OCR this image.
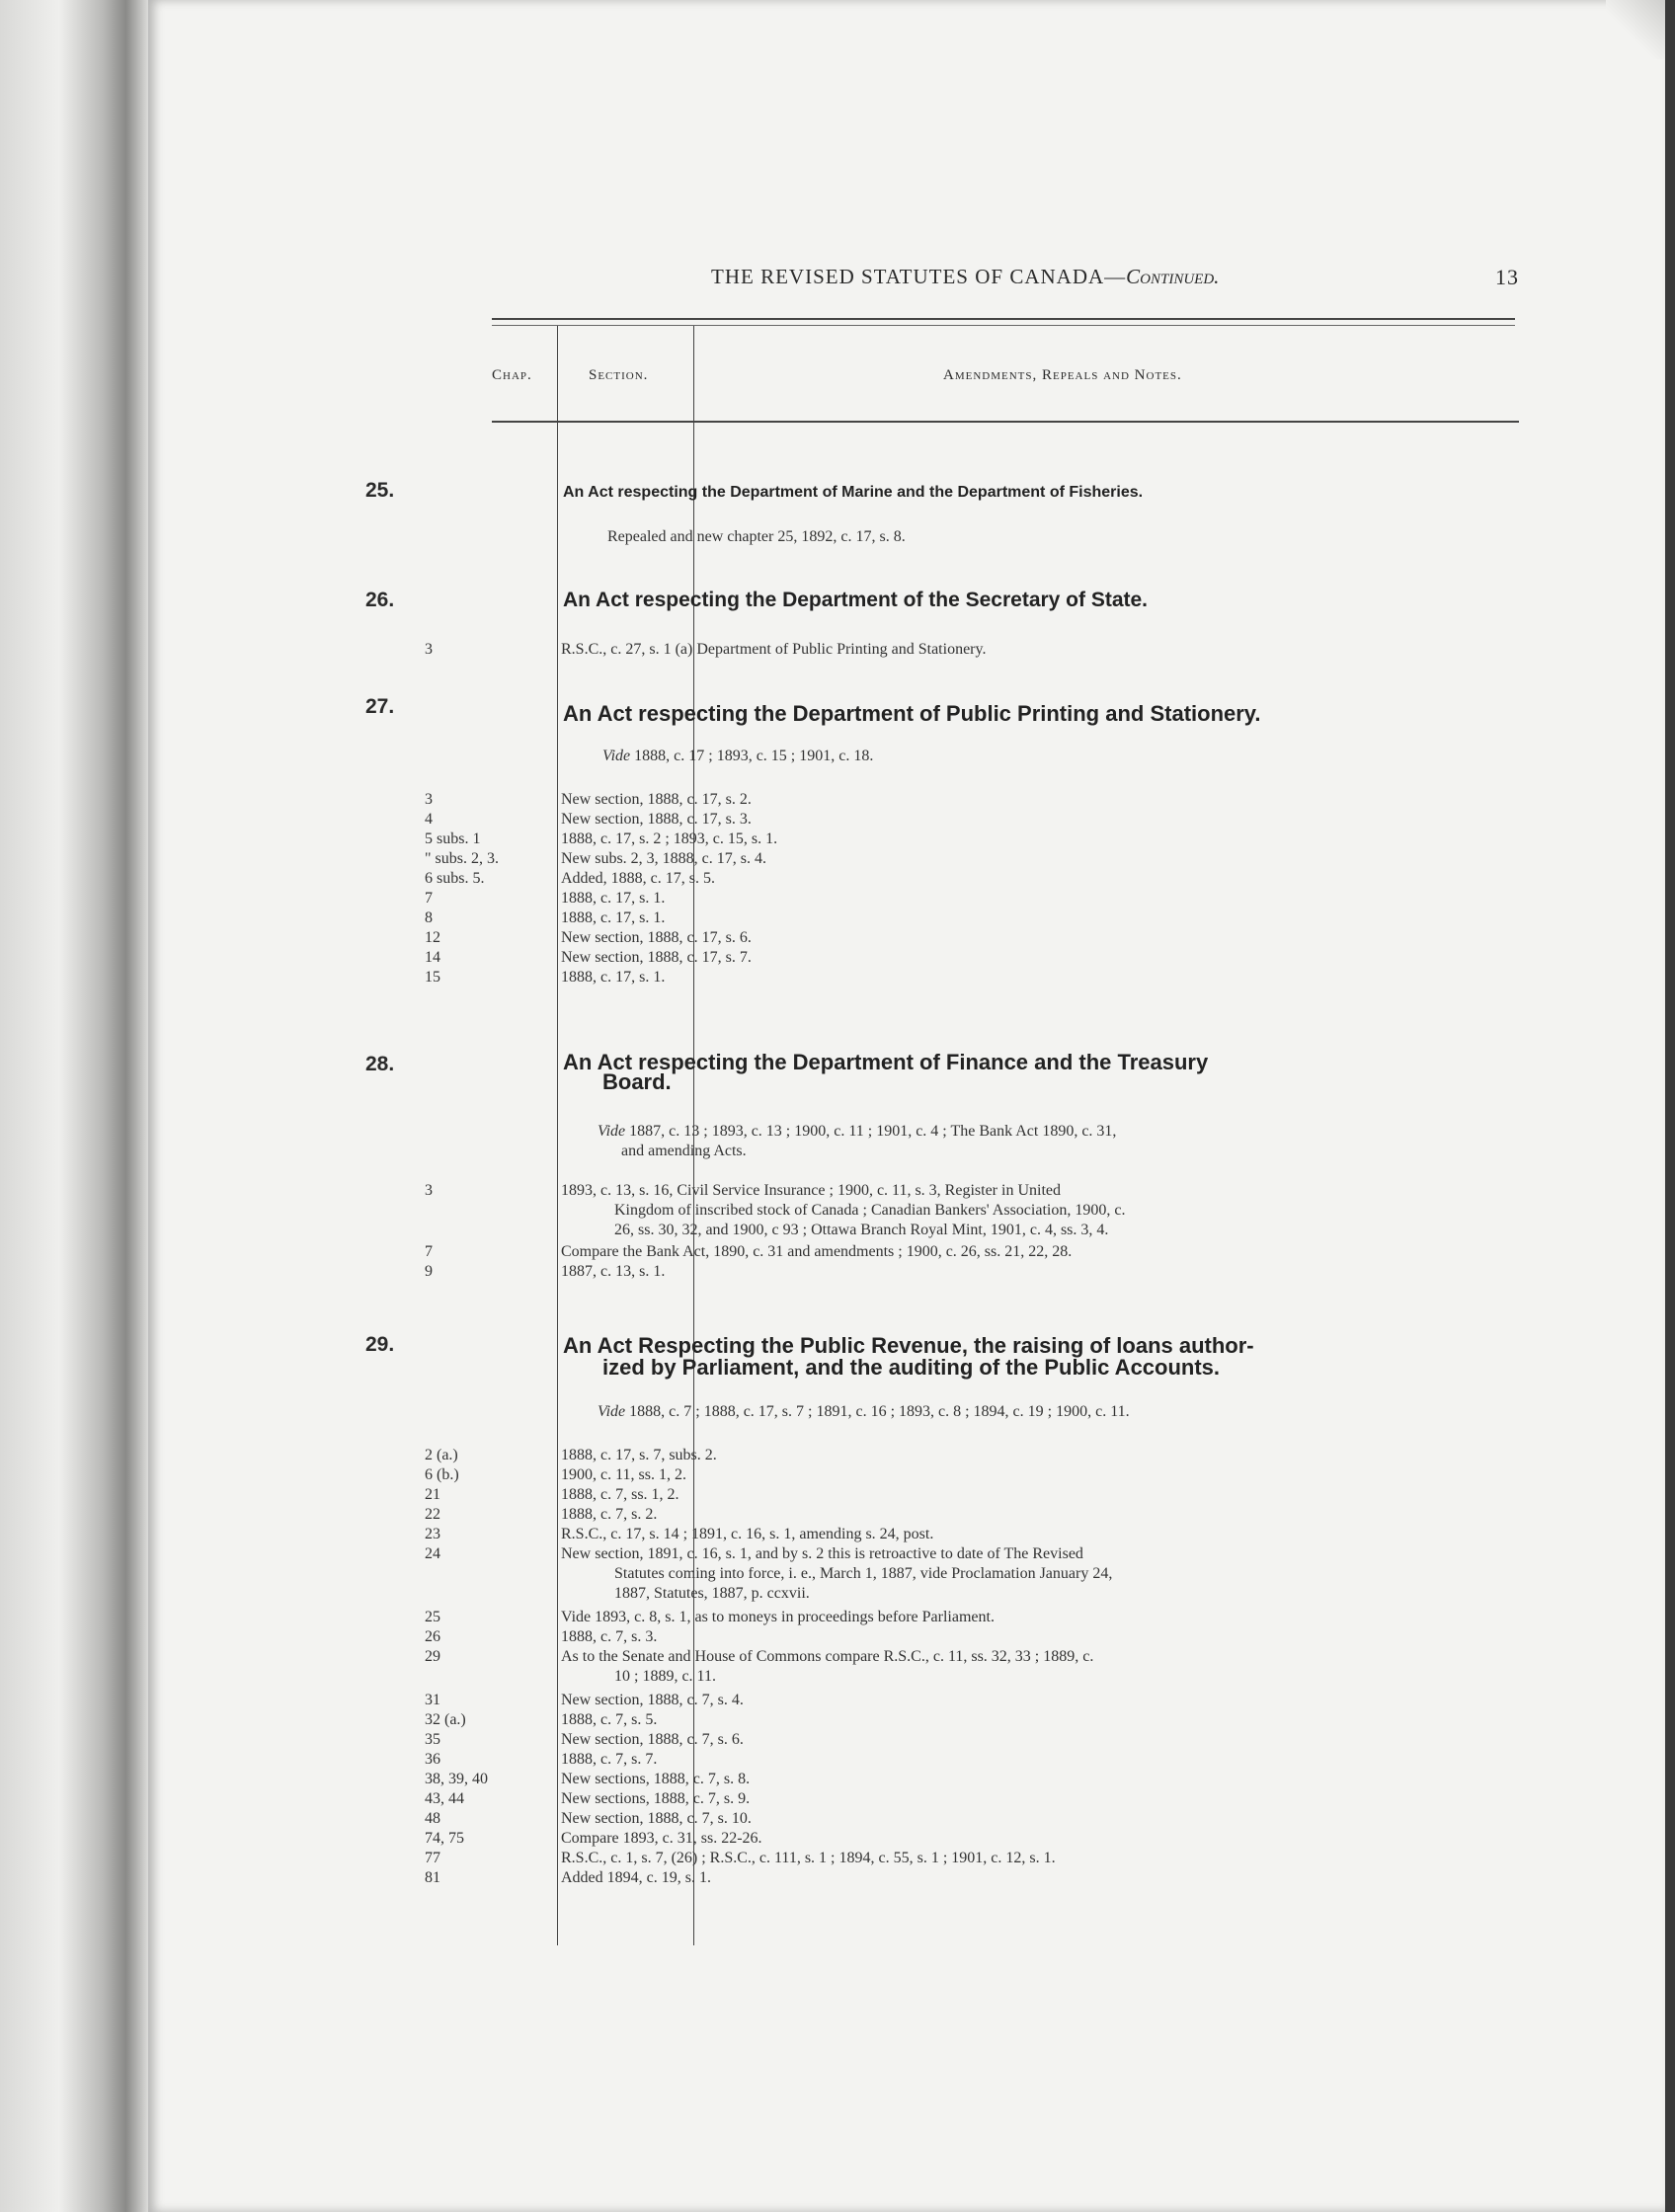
THE REVISED STATUTES OF CANADA—Continued.	13
Chap.	Section.	Amendments, Repeals and Notes.
25.	An Act respecting the Department of Marine and the Department of Fisheries.
Repealed and new chapter 25, 1892, c. 17, s. 8.
26.	An Act respecting the Department of the Secretary of State.
3	R.S.C., c. 27, s. 1 (a) Department of Public Printing and Stationery.
27.	An Act respecting the Department of Public Printing and Stationery.
Vide 1888, c. 17 ; 1893, c. 15 ; 1901, c. 18.
3	New section, 1888, c. 17, s. 2.
4	New section, 1888, c. 17, s. 3.
5 subs. 1	1888, c. 17, s. 2 ; 1893, c. 15, s. 1.
" subs. 2, 3.	New subs. 2, 3, 1888, c. 17, s. 4.
6 subs. 5.	Added, 1888, c. 17, s. 5.
7	1888, c. 17, s. 1.
8	1888, c. 17, s. 1.
12	New section, 1888, c. 17, s. 6.
14	New section, 1888, c. 17, s. 7.
15	1888, c. 17, s. 1.
28.	An Act respecting the Department of Finance and the Treasury
Board.
Vide 1887, c. 13 ; 1893, c. 13 ; 1900, c. 11 ; 1901, c. 4 ; The Bank Act 1890, c. 31,
and amending Acts.
3	1893, c. 13, s. 16, Civil Service Insurance ; 1900, c. 11, s. 3, Register in United
Kingdom of inscribed stock of Canada ; Canadian Bankers' Association, 1900, c.
26, ss. 30, 32, and 1900, c 93 ; Ottawa Branch Royal Mint, 1901, c. 4, ss. 3, 4.
7	Compare the Bank Act, 1890, c. 31 and amendments ; 1900, c. 26, ss. 21, 22, 28.
9	1887, c. 13, s. 1.
29.	An Act Respecting the Public Revenue, the raising of loans author-
ized by Parliament, and the auditing of the Public Accounts.
Vide 1888, c. 7 ; 1888, c. 17, s. 7 ; 1891, c. 16 ; 1893, c. 8 ; 1894, c. 19 ; 1900, c. 11.
2 (a.)	1888, c. 17, s. 7, subs. 2.
6 (b.)	1900, c. 11, ss. 1, 2.
21	1888, c. 7, ss. 1, 2.
22	1888, c. 7, s. 2.
23	R.S.C., c. 17, s. 14 ; 1891, c. 16, s. 1, amending s. 24, post.
24	New section, 1891, c. 16, s. 1, and by s. 2 this is retroactive to date of The Revised
Statutes coming into force, i. e., March 1, 1887, vide Proclamation January 24,
1887, Statutes, 1887, p. ccxvii.
25	Vide 1893, c. 8, s. 1, as to moneys in proceedings before Parliament.
26	1888, c. 7, s. 3.
29	As to the Senate and House of Commons compare R.S.C., c. 11, ss. 32, 33 ; 1889, c.
10 ; 1889, c. 11.
31	New section, 1888, c. 7, s. 4.
32 (a.)	1888, c. 7, s. 5.
35	New section, 1888, c. 7, s. 6.
36	1888, c. 7, s. 7.
38, 39, 40	New sections, 1888, c. 7, s. 8.
43, 44	New sections, 1888, c. 7, s. 9.
48	New section, 1888, c. 7, s. 10.
74, 75	Compare 1893, c. 31, ss. 22-26.
77	R.S.C., c. 1, s. 7, (26) ; R.S.C., c. 111, s. 1 ; 1894, c. 55, s. 1 ; 1901, c. 12, s. 1.
81	Added 1894, c. 19, s. 1.
